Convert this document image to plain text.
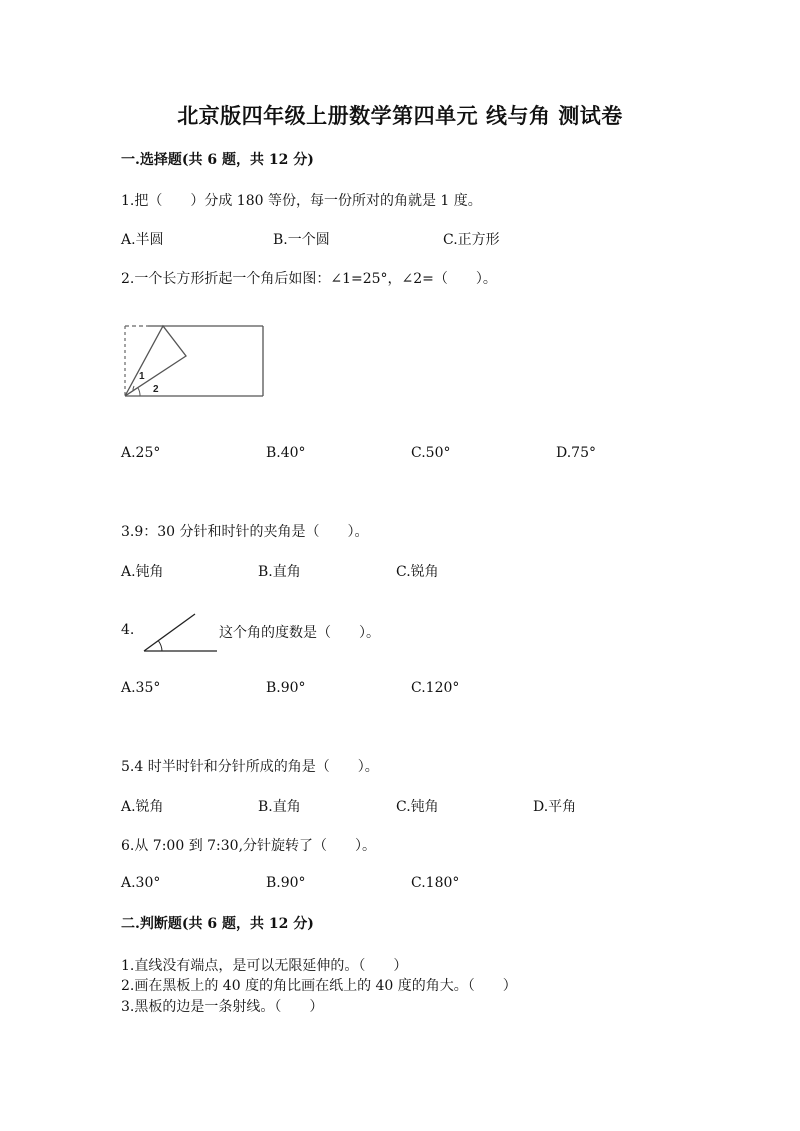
北京版四年级上册数学第四单元 线与角 测试卷
一.选择题(共 6 题，共 12 分)
1.把（　　）分成 180 等份，每一份所对的角就是 1 度。
A.半圆	B.一个圆	C.正方形
2.一个长方形折起一个角后如图：∠1=25°，∠2=（　　）。
1
2
A.25°	B.40°	C.50°	D.75°
3.9：30 分针和时针的夹角是（　　）。
A.钝角	B.直角	C.锐角
4.	这个角的度数是（　　）。
A.35°	B.90°	C.120°
5.4 时半时针和分针所成的角是（　　）。
A.锐角	B.直角	C.钝角	D.平角
6.从 7:00 到 7:30,分针旋转了（　　）。
A.30°	B.90°	C.180°
二.判断题(共 6 题，共 12 分)
1.直线没有端点，是可以无限延伸的。（　　）
2.画在黑板上的 40 度的角比画在纸上的 40 度的角大。（　　）
3.黑板的边是一条射线。（　　）
